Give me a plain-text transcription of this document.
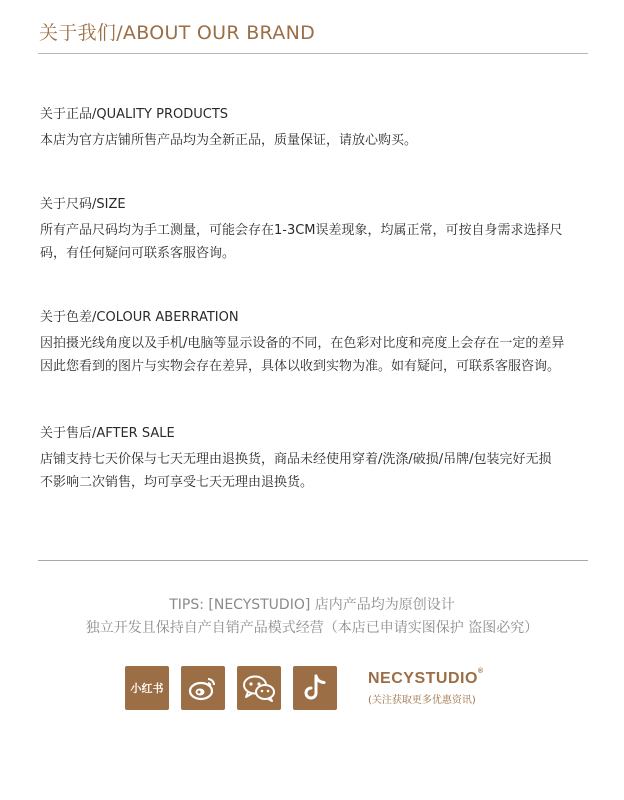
关于我们/ABOUT OUR BRAND
关于正品/QUALITY PRODUCTS
本店为官方店铺所售产品均为全新正品，质量保证，请放心购买。
关于尺码/SIZE
所有产品尺码均为手工测量，可能会存在1-3CM误差现象，均属正常，可按自身需求选择尺
码，有任何疑问可联系客服咨询。
关于色差/COLOUR ABERRATION
因拍摄光线角度以及手机/电脑等显示设备的不同，在色彩对比度和亮度上会存在一定的差异
因此您看到的图片与实物会存在差异，具体以收到实物为准。如有疑问，可联系客服咨询。
关于售后/AFTER SALE
店铺支持七天价保与七天无理由退换货，商品未经使用穿着/洗涤/破损/吊牌/包装完好无损
不影响二次销售，均可享受七天无理由退换货。
TIPS: [NECYSTUDIO] 店内产品均为原创设计
独立开发且保持自产自销产品模式经营（本店已申请实图保护 盗图必究）
小红书
NECYSTUDIO®
(关注获取更多优惠资讯)
